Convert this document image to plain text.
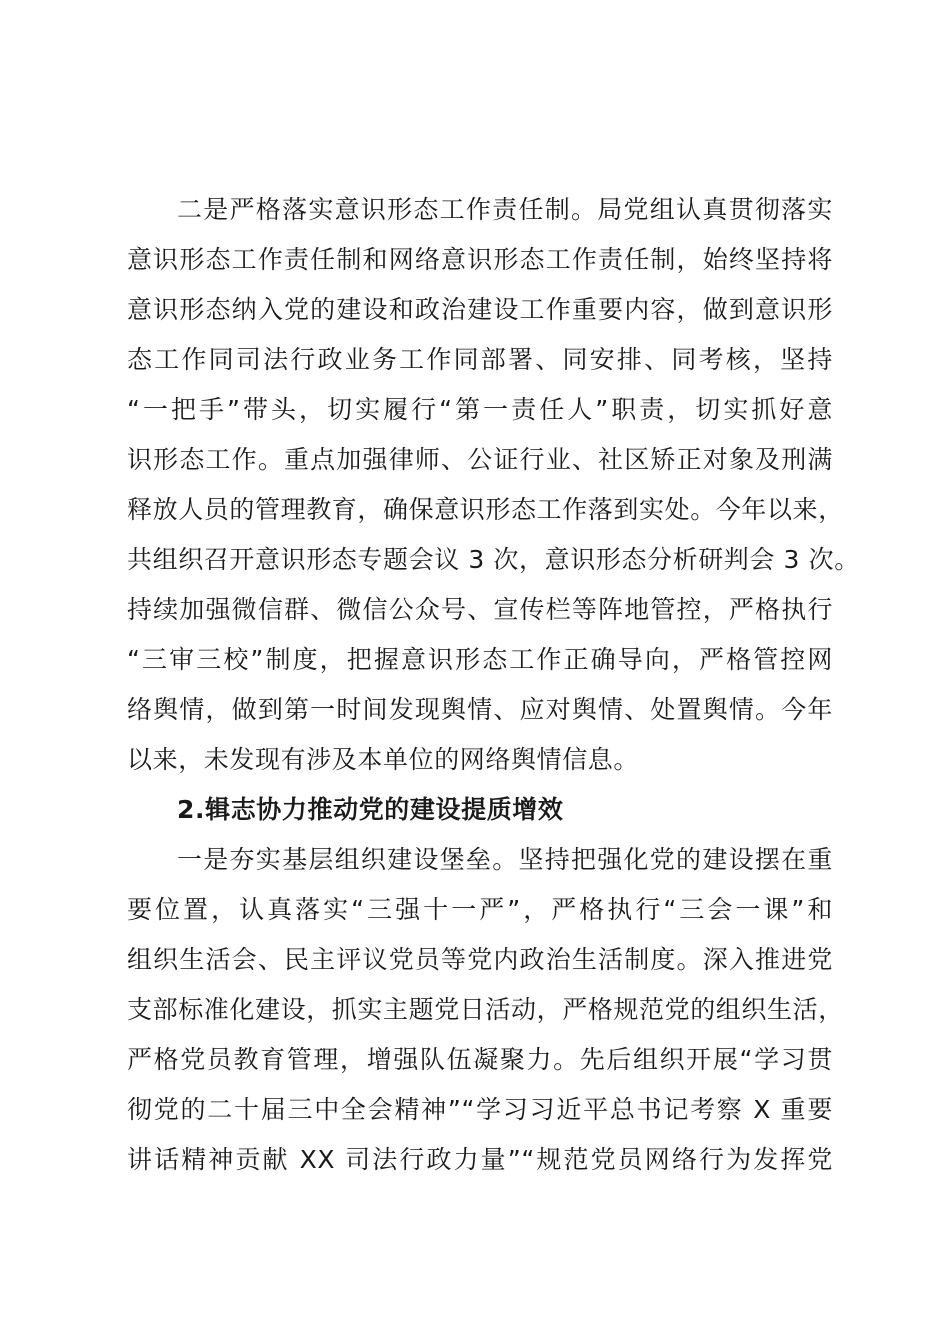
二是严格落实意识形态工作责任制。局党组认真贯彻落实
意识形态工作责任制和网络意识形态工作责任制，始终坚持将
意识形态纳入党的建设和政治建设工作重要内容，做到意识形
态工作同司法行政业务工作同部署、同安排、同考核，坚持
“一把手”带头，切实履行“第一责任人”职责，切实抓好意
识形态工作。重点加强律师、公证行业、社区矫正对象及刑满
释放人员的管理教育，确保意识形态工作落到实处。今年以来，
共组织召开意识形态专题会议 3 次，意识形态分析研判会 3 次。
持续加强微信群、微信公众号、宣传栏等阵地管控，严格执行
“三审三校”制度，把握意识形态工作正确导向，严格管控网
络舆情，做到第一时间发现舆情、应对舆情、处置舆情。今年
以来，未发现有涉及本单位的网络舆情信息。
2.辑志协力推动党的建设提质增效
一是夯实基层组织建设堡垒。坚持把强化党的建设摆在重
要位置，认真落实“三强十一严”，严格执行“三会一课”和
组织生活会、民主评议党员等党内政治生活制度。深入推进党
支部标准化建设，抓实主题党日活动，严格规范党的组织生活，
严格党员教育管理，增强队伍凝聚力。先后组织开展“学习贯
彻党的二十届三中全会精神”“学习习近平总书记考察 X 重要
讲话精神贡献 XX 司法行政力量”“规范党员网络行为发挥党
